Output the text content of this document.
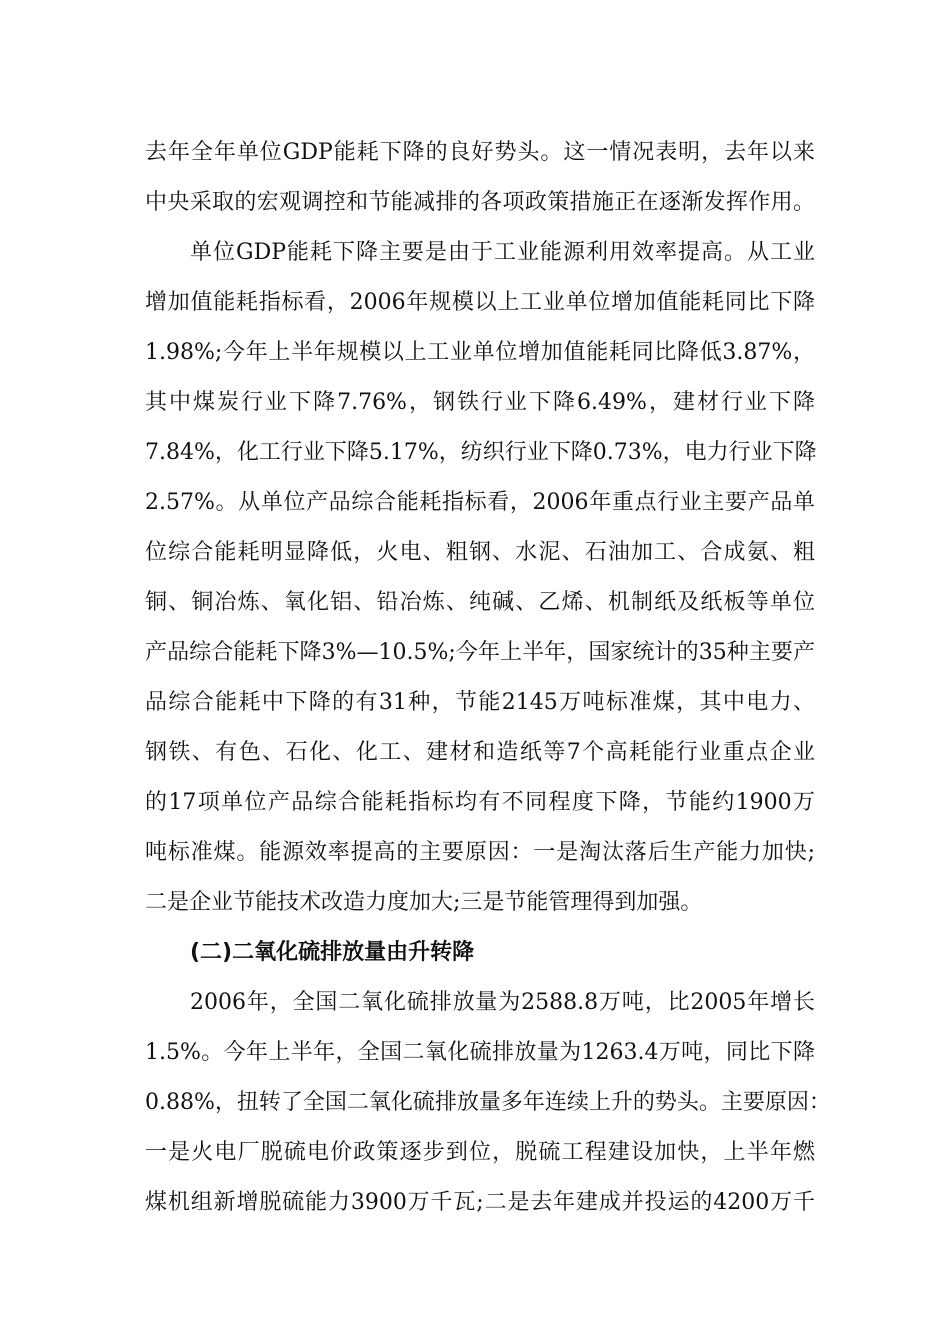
去年全年单位GDP能耗下降的良好势头。这一情况表明，去年以来
中央采取的宏观调控和节能减排的各项政策措施正在逐渐发挥作用。
单位GDP能耗下降主要是由于工业能源利用效率提高。从工业
增加值能耗指标看，2006年规模以上工业单位增加值能耗同比下降
1.98%;今年上半年规模以上工业单位增加值能耗同比降低3.87%，
其中煤炭行业下降7.76%，钢铁行业下降6.49%，建材行业下降
7.84%，化工行业下降5.17%，纺织行业下降0.73%，电力行业下降
2.57%。从单位产品综合能耗指标看，2006年重点行业主要产品单
位综合能耗明显降低，火电、粗钢、水泥、石油加工、合成氨、粗
铜、铜冶炼、氧化铝、铅冶炼、纯碱、乙烯、机制纸及纸板等单位
产品综合能耗下降3%—10.5%;今年上半年，国家统计的35种主要产
品综合能耗中下降的有31种，节能2145万吨标准煤，其中电力、
钢铁、有色、石化、化工、建材和造纸等7个高耗能行业重点企业
的17项单位产品综合能耗指标均有不同程度下降，节能约1900万
吨标准煤。能源效率提高的主要原因：一是淘汰落后生产能力加快;
二是企业节能技术改造力度加大;三是节能管理得到加强。
(二)二氧化硫排放量由升转降
2006年，全国二氧化硫排放量为2588.8万吨，比2005年增长
1.5%。今年上半年，全国二氧化硫排放量为1263.4万吨，同比下降
0.88%，扭转了全国二氧化硫排放量多年连续上升的势头。主要原因：
一是火电厂脱硫电价政策逐步到位，脱硫工程建设加快，上半年燃
煤机组新增脱硫能力3900万千瓦;二是去年建成并投运的4200万千
